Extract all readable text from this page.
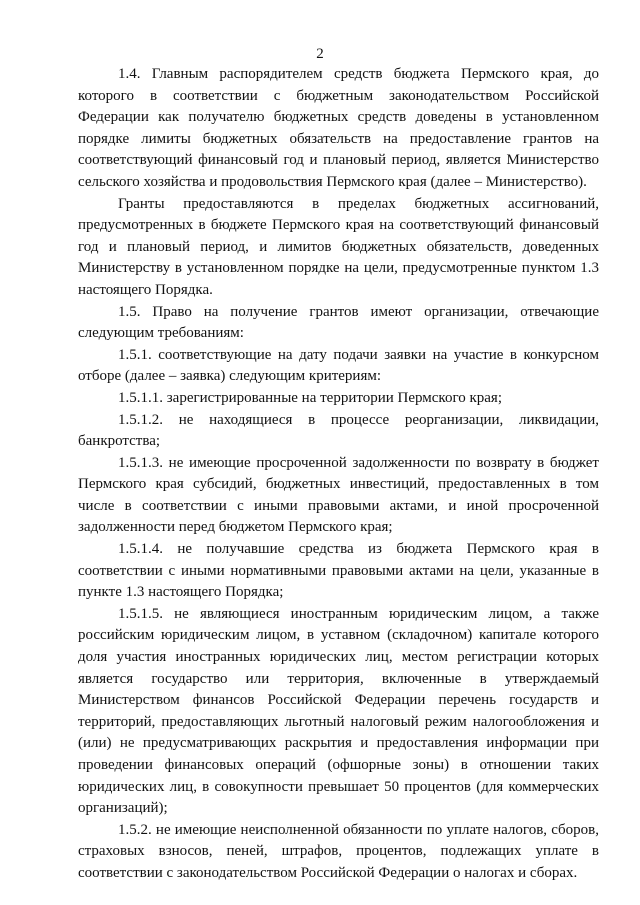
2

1.4. Главным распорядителем средств бюджета Пермского края, до которого в соответствии с бюджетным законодательством Российской Федерации как получателю бюджетных средств доведены в установленном порядке лимиты бюджетных обязательств на предоставление грантов на соответствующий финансовый год и плановый период, является Министерство сельского хозяйства и продовольствия Пермского края (далее – Министерство).

Гранты предоставляются в пределах бюджетных ассигнований, предусмотренных в бюджете Пермского края на соответствующий финансовый год и плановый период, и лимитов бюджетных обязательств, доведенных Министерству в установленном порядке на цели, предусмотренные пунктом 1.3 настоящего Порядка.

1.5. Право на получение грантов имеют организации, отвечающие следующим требованиям:

1.5.1. соответствующие на дату подачи заявки на участие в конкурсном отборе (далее – заявка) следующим критериям:

1.5.1.1. зарегистрированные на территории Пермского края;

1.5.1.2. не находящиеся в процессе реорганизации, ликвидации, банкротства;

1.5.1.3. не имеющие просроченной задолженности по возврату в бюджет Пермского края субсидий, бюджетных инвестиций, предоставленных в том числе в соответствии с иными правовыми актами, и иной просроченной задолженности перед бюджетом Пермского края;

1.5.1.4. не получавшие средства из бюджета Пермского края в соответствии с иными нормативными правовыми актами на цели, указанные в пункте 1.3 настоящего Порядка;

1.5.1.5. не являющиеся иностранным юридическим лицом, а также российским юридическим лицом, в уставном (складочном) капитале которого доля участия иностранных юридических лиц, местом регистрации которых является государство или территория, включенные в утверждаемый Министерством финансов Российской Федерации перечень государств и территорий, предоставляющих льготный налоговый режим налогообложения и (или) не предусматривающих раскрытия и предоставления информации при проведении финансовых операций (офшорные зоны) в отношении таких юридических лиц, в совокупности превышает 50 процентов (для коммерческих организаций);

1.5.2. не имеющие неисполненной обязанности по уплате налогов, сборов, страховых взносов, пеней, штрафов, процентов, подлежащих уплате в соответствии с законодательством Российской Федерации о налогах и сборах.
